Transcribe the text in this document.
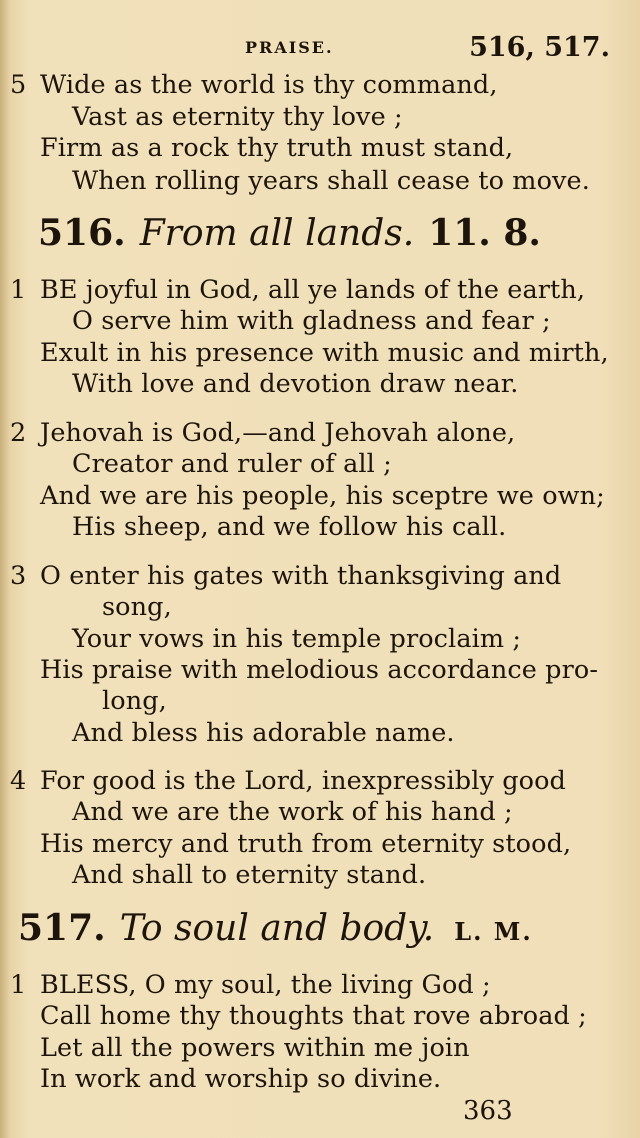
PRAISE.	516, 517.
5 Wide as the world is thy command,
Vast as eternity thy love ;
Firm as a rock thy truth must stand,
When rolling years shall cease to move.
516. From all lands. 11. 8.
1 BE joyful in God, all ye lands of the earth,
O serve him with gladness and fear ;
Exult in his presence with music and mirth,
With love and devotion draw near.
2 Jehovah is God,—and Jehovah alone,
Creator and ruler of all ;
And we are his people, his sceptre we own;
His sheep, and we follow his call.
3 O enter his gates with thanksgiving and
song,
Your vows in his temple proclaim ;
His praise with melodious accordance pro-
long,
And bless his adorable name.
4 For good is the Lord, inexpressibly good
And we are the work of his hand ;
His mercy and truth from eternity stood,
And shall to eternity stand.
517. To soul and body. L. M.
1 BLESS, O my soul, the living God ;
Call home thy thoughts that rove abroad ;
Let all the powers within me join
In work and worship so divine.
363
